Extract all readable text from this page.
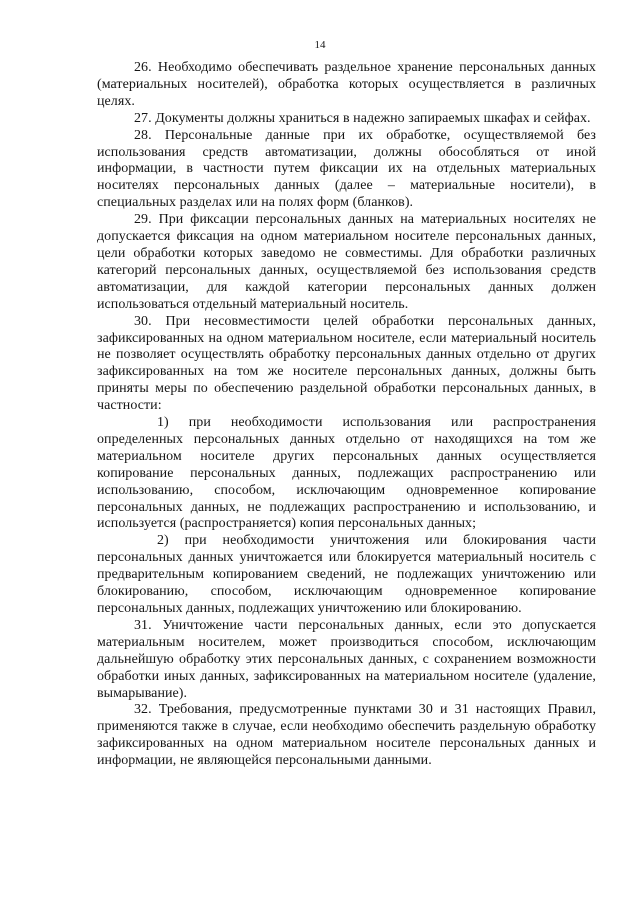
14

26. Необходимо обеспечивать раздельное хранение персональных данных (материальных носителей), обработка которых осуществляется в различных целях.

27. Документы должны храниться в надежно запираемых шкафах и сейфах.

28. Персональные данные при их обработке, осуществляемой без использования средств автоматизации, должны обособляться от иной информации, в частности путем фиксации их на отдельных материальных носителях персональных данных (далее – материальные носители), в специальных разделах или на полях форм (бланков).

29. При фиксации персональных данных на материальных носителях не допускается фиксация на одном материальном носителе персональных данных, цели обработки которых заведомо не совместимы. Для обработки различных категорий персональных данных, осуществляемой без использования средств автоматизации, для каждой категории персональных данных должен использоваться отдельный материальный носитель.

30. При несовместимости целей обработки персональных данных, зафиксированных на одном материальном носителе, если материальный носитель не позволяет осуществлять обработку персональных данных отдельно от других зафиксированных на том же носителе персональных данных, должны быть приняты меры по обеспечению раздельной обработки персональных данных, в частности:

1) при необходимости использования или распространения определенных персональных данных отдельно от находящихся на том же материальном носителе других персональных данных осуществляется копирование персональных данных, подлежащих распространению или использованию, способом, исключающим одновременное копирование персональных данных, не подлежащих распространению и использованию, и используется (распространяется) копия персональных данных;

2) при необходимости уничтожения или блокирования части персональных данных уничтожается или блокируется материальный носитель с предварительным копированием сведений, не подлежащих уничтожению или блокированию, способом, исключающим одновременное копирование персональных данных, подлежащих уничтожению или блокированию.

31. Уничтожение части персональных данных, если это допускается материальным носителем, может производиться способом, исключающим дальнейшую обработку этих персональных данных, с сохранением возможности обработки иных данных, зафиксированных на материальном носителе (удаление, вымарывание).

32. Требования, предусмотренные пунктами 30 и 31 настоящих Правил, применяются также в случае, если необходимо обеспечить раздельную обработку зафиксированных на одном материальном носителе персональных данных и информации, не являющейся персональными данными.
